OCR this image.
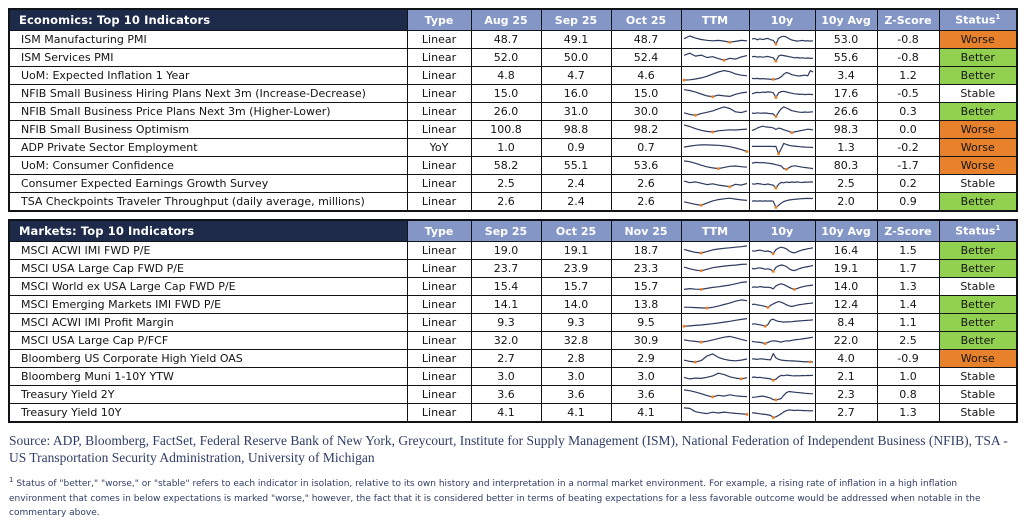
Economics: Top 10 Indicators	Type	Aug 25	Sep 25	Oct 25	TTM	10y	10y Avg	Z-Score	Status$^1$
ISM Manufacturing PMI	Linear	48.7	49.1	48.7			53.0	-0.8	Worse
ISM Services PMI	Linear	52.0	50.0	52.4			55.6	-0.8	Better
UoM: Expected Inflation 1 Year	Linear	4.8	4.7	4.6			3.4	1.2	Better
NFIB Small Business Hiring Plans Next 3m (Increase-Decrease)	Linear	15.0	16.0	15.0			17.6	-0.5	Stable
NFIB Small Business Price Plans Next 3m (Higher-Lower)	Linear	26.0	31.0	30.0			26.6	0.3	Better
NFIB Small Business Optimism	Linear	100.8	98.8	98.2			98.3	0.0	Worse
ADP Private Sector Employment	YoY	1.0	0.9	0.7			1.3	-0.2	Worse
UoM: Consumer Confidence	Linear	58.2	55.1	53.6			80.3	-1.7	Worse
Consumer Expected Earnings Growth Survey	Linear	2.5	2.4	2.6			2.5	0.2	Stable
TSA Checkpoints Traveler Throughput (daily average, millions)	Linear	2.6	2.4	2.6			2.0	0.9	Better
Markets: Top 10 Indicators	Type	Sep 25	Oct 25	Nov 25	TTM	10y	10y Avg	Z-Score	Status$^1$
MSCI ACWI IMI FWD P/E	Linear	19.0	19.1	18.7			16.4	1.5	Better
MSCI USA Large Cap FWD P/E	Linear	23.7	23.9	23.3			19.1	1.7	Better
MSCI World ex USA Large Cap FWD P/E	Linear	15.4	15.7	15.7			14.0	1.3	Stable
MSCI Emerging Markets IMI FWD P/E	Linear	14.1	14.0	13.8			12.4	1.4	Better
MSCI ACWI IMI Profit Margin	Linear	9.3	9.3	9.5			8.4	1.1	Better
MSCI USA Large Cap P/FCF	Linear	32.0	32.8	30.9			22.0	2.5	Better
Bloomberg US Corporate High Yield OAS	Linear	2.7	2.8	2.9			4.0	-0.9	Worse
Bloomberg Muni 1-10Y YTW	Linear	3.0	3.0	3.0			2.1	1.0	Stable
Treasury Yield 2Y	Linear	3.6	3.6	3.6			2.3	0.8	Stable
Treasury Yield 10Y	Linear	4.1	4.1	4.1			2.7	1.3	Stable
Source: ADP, Bloomberg, FactSet, Federal Reserve Bank of New York, Greycourt, Institute for Supply Management (ISM), National Federation of Independent Business (NFIB), TSA - US Transportation Security Administration, University of Michigan
$^1$ Status of "better," "worse," or "stable" refers to each indicator in isolation, relative to its own history and interpretation in a normal market environment. For example, a rising rate of inflation in a high inflation environment that comes in below expectations is marked "worse," however, the fact that it is considered better in terms of beating expectations for a less favorable outcome would be addressed when notable in the commentary above.
